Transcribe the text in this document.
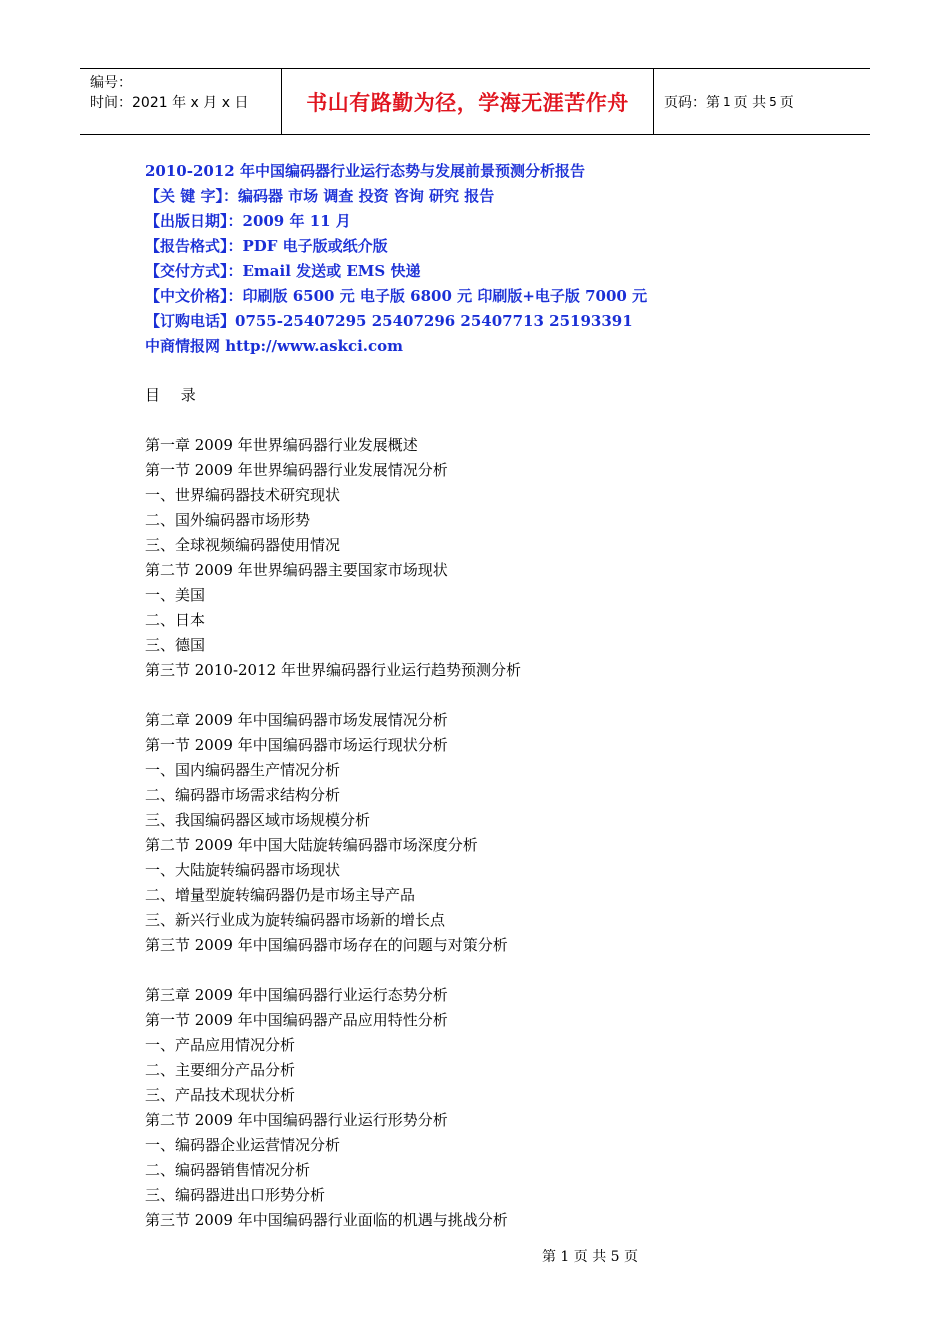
编号：
时间：2021 年 x 月 x 日	书山有路勤为径，学海无涯苦作舟	页码：第 1 页 共 5 页
2010-2012 年中国编码器行业运行态势与发展前景预测分析报告
【关 键 字】：编码器 市场 调查 投资 咨询 研究 报告
【出版日期】：2009 年 11 月
【报告格式】：PDF 电子版或纸介版
【交付方式】：Email 发送或 EMS 快递
【中文价格】：印刷版 6500 元 电子版 6800 元 印刷版+电子版 7000 元
【订购电话】0755-25407295 25407296 25407713 25193391
中商情报网 http://www.askci.com
目 录
第一章 2009 年世界编码器行业发展概述
第一节 2009 年世界编码器行业发展情况分析
一、世界编码器技术研究现状
二、国外编码器市场形势
三、全球视频编码器使用情况
第二节 2009 年世界编码器主要国家市场现状
一、美国
二、日本
三、德国
第三节 2010-2012 年世界编码器行业运行趋势预测分析
第二章 2009 年中国编码器市场发展情况分析
第一节 2009 年中国编码器市场运行现状分析
一、国内编码器生产情况分析
二、编码器市场需求结构分析
三、我国编码器区域市场规模分析
第二节 2009 年中国大陆旋转编码器市场深度分析
一、大陆旋转编码器市场现状
二、增量型旋转编码器仍是市场主导产品
三、新兴行业成为旋转编码器市场新的增长点
第三节 2009 年中国编码器市场存在的问题与对策分析
第三章 2009 年中国编码器行业运行态势分析
第一节 2009 年中国编码器产品应用特性分析
一、产品应用情况分析
二、主要细分产品分析
三、产品技术现状分析
第二节 2009 年中国编码器行业运行形势分析
一、编码器企业运营情况分析
二、编码器销售情况分析
三、编码器进出口形势分析
第三节 2009 年中国编码器行业面临的机遇与挑战分析
第 1 页 共 5 页
